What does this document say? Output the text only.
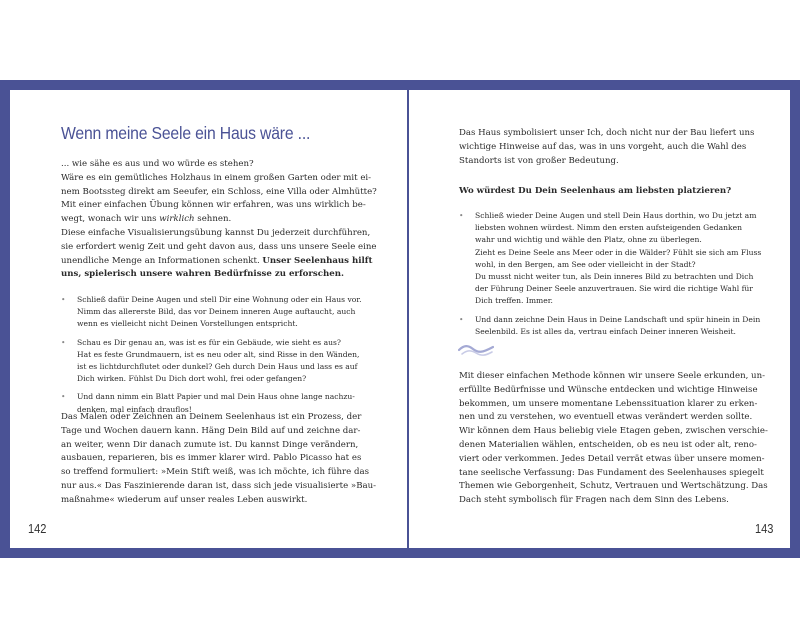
Wenn meine Seele ein Haus wäre ...
... wie sähe es aus und wo würde es stehen?
Wäre es ein gemütliches Holzhaus in einem großen Garten oder mit ei-
nem Bootssteg direkt am Seeufer, ein Schloss, eine Villa oder Almhütte?
Mit einer einfachen Übung können wir erfahren, was uns wirklich be-
wegt, wonach wir uns wirklich sehnen.
Diese einfache Visualisierungsübung kannst Du jederzeit durchführen,
sie erfordert wenig Zeit und geht davon aus, dass uns unsere Seele eine
unendliche Menge an Informationen schenkt. Unser Seelenhaus hilft
uns, spielerisch unsere wahren Bedürfnisse zu erforschen.
• Schließ dafür Deine Augen und stell Dir eine Wohnung oder ein Haus vor.
Nimm das allererste Bild, das vor Deinem inneren Auge auftaucht, auch
wenn es vielleicht nicht Deinen Vorstellungen entspricht.
• Schau es Dir genau an, was ist es für ein Gebäude, wie sieht es aus?
Hat es feste Grundmauern, ist es neu oder alt, sind Risse in den Wänden,
ist es lichtdurchflutet oder dunkel? Geh durch Dein Haus und lass es auf
Dich wirken. Fühlst Du Dich dort wohl, frei oder gefangen?
• Und dann nimm ein Blatt Papier und mal Dein Haus ohne lange nachzu-
denken, mal einfach drauflos!
Das Malen oder Zeichnen an Deinem Seelenhaus ist ein Prozess, der
Tage und Wochen dauern kann. Häng Dein Bild auf und zeichne dar-
an weiter, wenn Dir danach zumute ist. Du kannst Dinge verändern,
ausbauen, reparieren, bis es immer klarer wird. Pablo Picasso hat es
so treffend formuliert: »Mein Stift weiß, was ich möchte, ich führe das
nur aus.« Das Faszinierende daran ist, dass sich jede visualisierte »Bau-
maßnahme« wiederum auf unser reales Leben auswirkt.
142
Das Haus symbolisiert unser Ich, doch nicht nur der Bau liefert uns
wichtige Hinweise auf das, was in uns vorgeht, auch die Wahl des
Standorts ist von großer Bedeutung.
Wo würdest Du Dein Seelenhaus am liebsten platzieren?
• Schließ wieder Deine Augen und stell Dein Haus dorthin, wo Du jetzt am
liebsten wohnen würdest. Nimm den ersten aufsteigenden Gedanken
wahr und wichtig und wähle den Platz, ohne zu überlegen.
Zieht es Deine Seele ans Meer oder in die Wälder? Fühlt sie sich am Fluss
wohl, in den Bergen, am See oder vielleicht in der Stadt?
Du musst nicht weiter tun, als Dein inneres Bild zu betrachten und Dich
der Führung Deiner Seele anzuvertrauen. Sie wird die richtige Wahl für
Dich treffen. Immer.
• Und dann zeichne Dein Haus in Deine Landschaft und spür hinein in Dein
Seelenbild. Es ist alles da, vertrau einfach Deiner inneren Weisheit.
Mit dieser einfachen Methode können wir unsere Seele erkunden, un-
erfüllte Bedürfnisse und Wünsche entdecken und wichtige Hinweise
bekommen, um unsere momentane Lebenssituation klarer zu erken-
nen und zu verstehen, wo eventuell etwas verändert werden sollte.
Wir können dem Haus beliebig viele Etagen geben, zwischen verschie-
denen Materialien wählen, entscheiden, ob es neu ist oder alt, reno-
viert oder verkommen. Jedes Detail verrät etwas über unsere momen-
tane seelische Verfassung: Das Fundament des Seelenhauses spiegelt
Themen wie Geborgenheit, Schutz, Vertrauen und Wertschätzung. Das
Dach steht symbolisch für Fragen nach dem Sinn des Lebens.
143
